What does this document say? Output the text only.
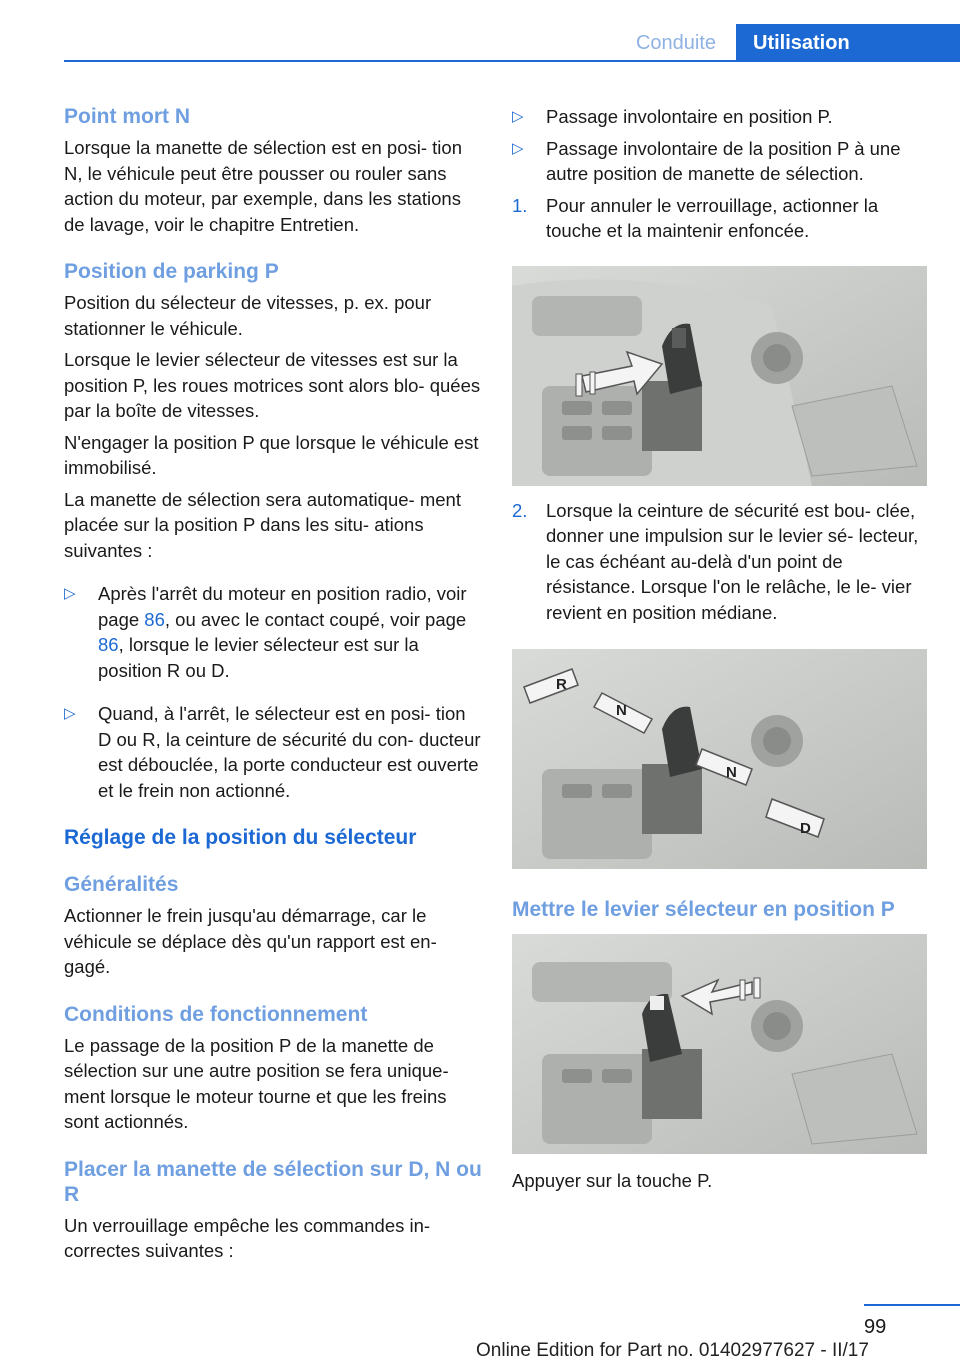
Conduite	Utilisation
Point mort N

Lorsque la manette de sélection est en posi- tion N, le véhicule peut être pousser ou rouler sans action du moteur, par exemple, dans les stations de lavage, voir le chapitre Entretien.

Position de parking P

Position du sélecteur de vitesses, p. ex. pour stationner le véhicule.

Lorsque le levier sélecteur de vitesses est sur la position P, les roues motrices sont alors blo- quées par la boîte de vitesses.

N'engager la position P que lorsque le véhicule est immobilisé.

La manette de sélection sera automatique- ment placée sur la position P dans les situ- ations suivantes :

▷ Après l'arrêt du moteur en position radio, voir page 86, ou avec le contact coupé, voir page 86, lorsque le levier sélecteur est sur la position R ou D.
▷ Quand, à l'arrêt, le sélecteur est en posi- tion D ou R, la ceinture de sécurité du con- ducteur est débouclée, la porte conducteur est ouverte et le frein non actionné.
Réglage de la position du sélecteur
Généralités

Actionner le frein jusqu'au démarrage, car le véhicule se déplace dès qu'un rapport est en- gagé.

Conditions de fonctionnement

Le passage de la position P de la manette de sélection sur une autre position se fera unique- ment lorsque le moteur tourne et que les freins sont actionnés.

Placer la manette de sélection sur D, N ou R

Un verrouillage empêche les commandes in- correctes suivantes :

▷ Passage involontaire en position P.
▷ Passage involontaire de la position P à une autre position de manette de sélection.
1. Pour annuler le verrouillage, actionner la touche et la maintenir enfoncée.
2. Lorsque la ceinture de sécurité est bou- clée, donner une impulsion sur le levier sé- lecteur, le cas échéant au-delà d'un point de résistance. Lorsque l'on le relâche, le le- vier revient en position médiane.
R
N
N
D
Mettre le levier sélecteur en position P

Appuyer sur la touche P.

99
Online Edition for Part no. 01402977627 - II/17
